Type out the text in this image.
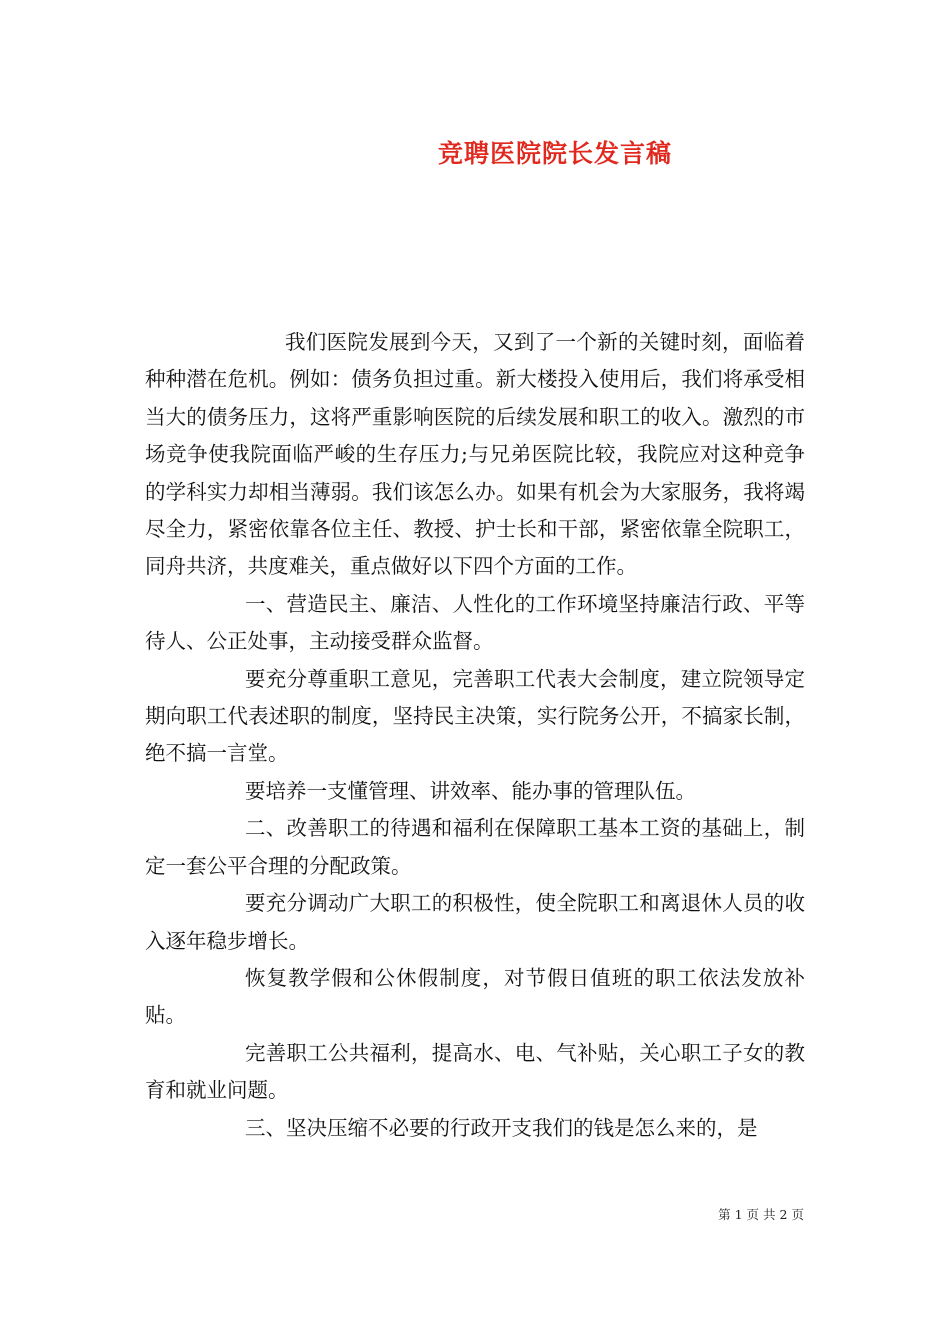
竞聘医院院长发言稿

我们医院发展到今天，又到了一个新的关键时刻，面临着种种潜在危机。例如：债务负担过重。新大楼投入使用后，我们将承受相当大的债务压力，这将严重影响医院的后续发展和职工的收入。激烈的市场竞争使我院面临严峻的生存压力;与兄弟医院比较，我院应对这种竞争的学科实力却相当薄弱。我们该怎么办。如果有机会为大家服务，我将竭尽全力，紧密依靠各位主任、教授、护士长和干部，紧密依靠全院职工，同舟共济，共度难关，重点做好以下四个方面的工作。

一、营造民主、廉洁、人性化的工作环境坚持廉洁行政、平等待人、公正处事，主动接受群众监督。

要充分尊重职工意见，完善职工代表大会制度，建立院领导定期向职工代表述职的制度，坚持民主决策，实行院务公开，不搞家长制，绝不搞一言堂。

要培养一支懂管理、讲效率、能办事的管理队伍。

二、改善职工的待遇和福利在保障职工基本工资的基础上，制定一套公平合理的分配政策。

要充分调动广大职工的积极性，使全院职工和离退休人员的收入逐年稳步增长。

恢复教学假和公休假制度，对节假日值班的职工依法发放补贴。

完善职工公共福利，提高水、电、气补贴，关心职工子女的教育和就业问题。

三、坚决压缩不必要的行政开支我们的钱是怎么来的，是

第 1 页 共 2 页
